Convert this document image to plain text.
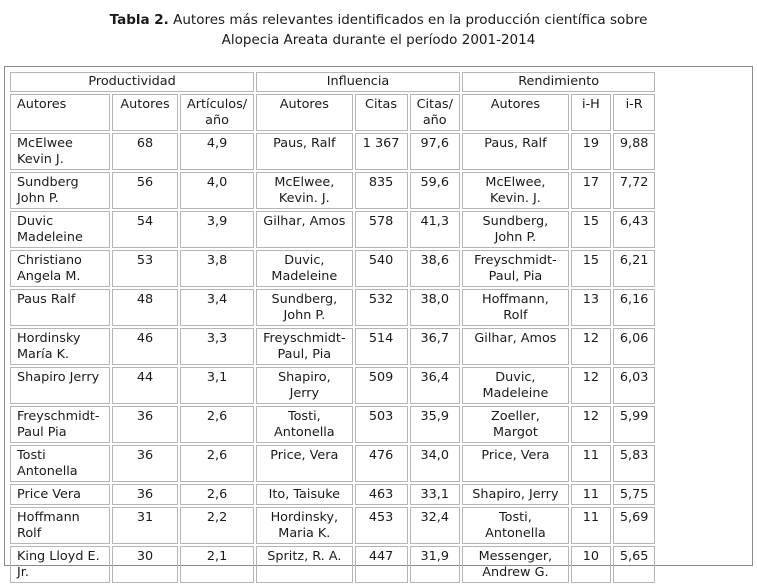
Tabla 2. Autores más relevantes identificados en la producción científica sobre
Alopecia Areata durante el período 2001-2014
Productividad			Influencia			Rendimiento		
Autores	Autores	Artículos/ año	Autores	Citas	Citas/ año	Autores	i-H	i-R
McElwee Kevin J.	68	4,9	Paus, Ralf	1 367	97,6	Paus, Ralf	19	9,88
Sundberg John P.	56	4,0	McElwee, Kevin. J.	835	59,6	McElwee, Kevin. J.	17	7,72
Duvic Madeleine	54	3,9	Gilhar, Amos	578	41,3	Sundberg, John P.	15	6,43
Christiano Angela M.	53	3,8	Duvic, Madeleine	540	38,6	Freyschmidt-Paul, Pia	15	6,21
Paus Ralf	48	3,4	Sundberg, John P.	532	38,0	Hoffmann, Rolf	13	6,16
Hordinsky María K.	46	3,3	Freyschmidt-Paul, Pia	514	36,7	Gilhar, Amos	12	6,06
Shapiro Jerry	44	3,1	Shapiro, Jerry	509	36,4	Duvic, Madeleine	12	6,03
Freyschmidt-Paul Pia	36	2,6	Tosti, Antonella	503	35,9	Zoeller, Margot	12	5,99
Tosti Antonella	36	2,6	Price, Vera	476	34,0	Price, Vera	11	5,83
Price Vera	36	2,6	Ito, Taisuke	463	33,1	Shapiro, Jerry	11	5,75
Hoffmann Rolf	31	2,2	Hordinsky, Maria K.	453	32,4	Tosti, Antonella	11	5,69
King Lloyd E. Jr.	30	2,1	Spritz, R. A.	447	31,9	Messenger, Andrew G.	10	5,65
